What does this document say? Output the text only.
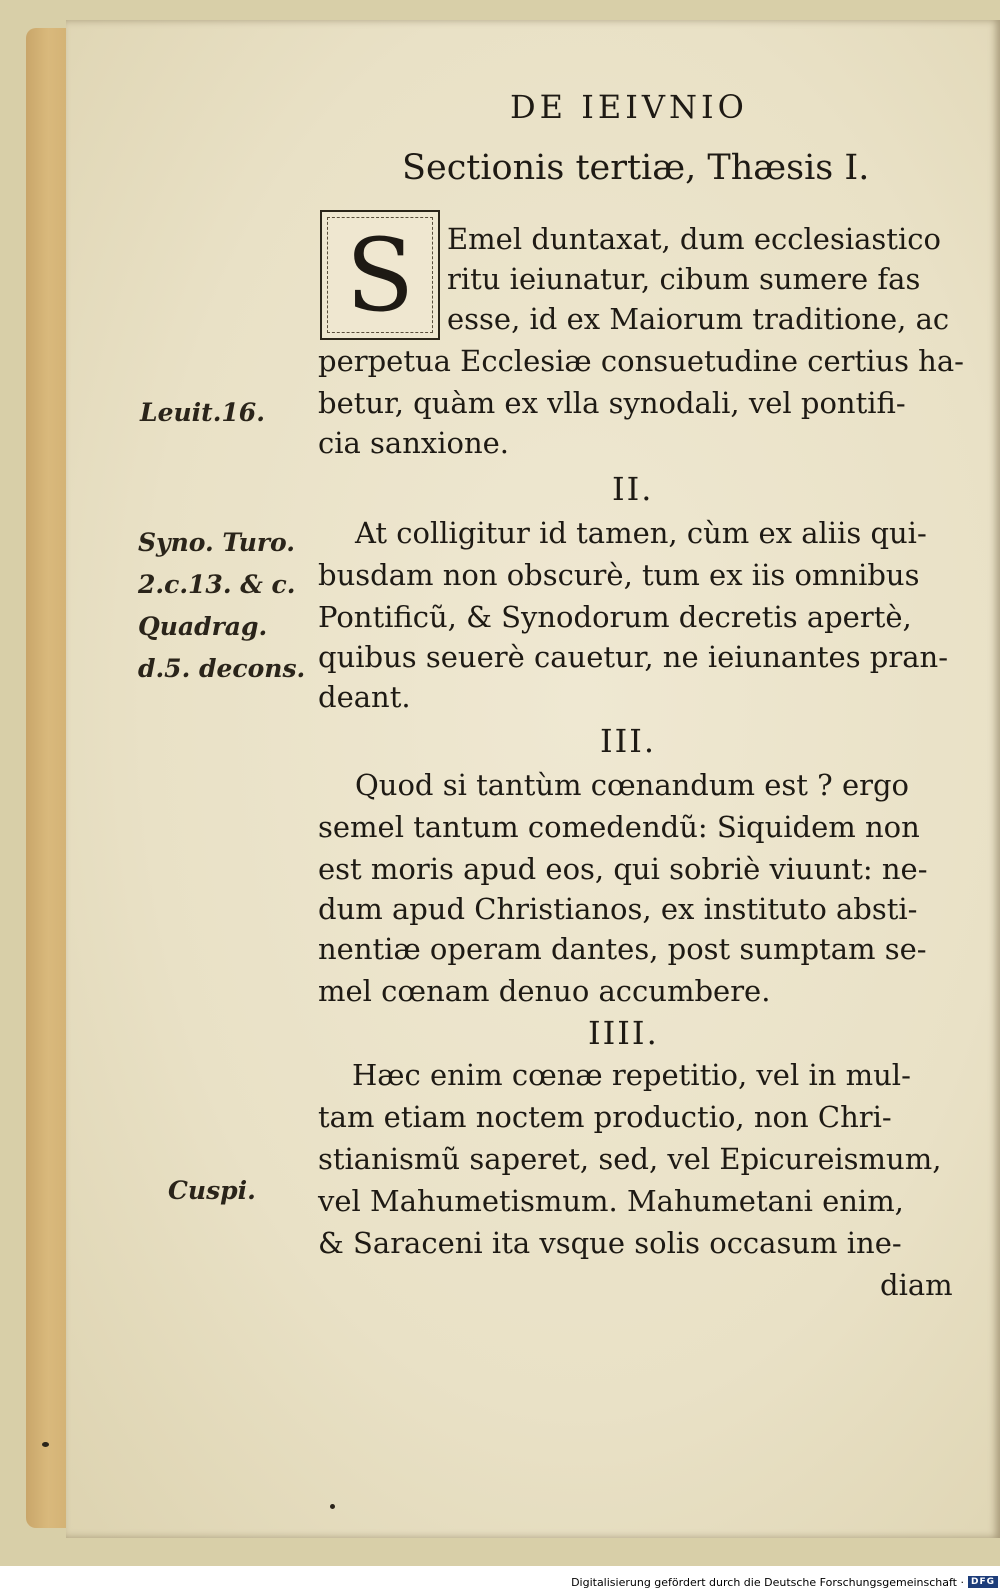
DE IEIVNIO
Sectionis tertiæ, Thæsis I.
S	Emel duntaxat, dum ecclesiastico
ritu ieiunatur, cibum sumere fas
esse, id ex Maiorum traditione, ac
perpetua Ecclesiæ consuetudine certius ha-
betur, quàm ex vlla synodali, vel pontifi-
cia sanxione.
II.
At colligitur id tamen, cùm ex aliis qui-
busdam non obscurè, tum ex iis omnibus
Pontificũ, & Synodorum decretis apertè,
quibus seuerè cauetur, ne ieiunantes pran-
deant.
III.
Quod si tantùm cœnandum est ? ergo
semel tantum comedendũ: Siquidem non
est moris apud eos, qui sobriè viuunt: ne-
dum apud Christianos, ex instituto absti-
nentiæ operam dantes, post sumptam se-
mel cœnam denuo accumbere.
IIII.
Hæc enim cœnæ repetitio, vel in mul-
tam etiam noctem productio, non Chri-
stianismũ saperet, sed, vel Epicureismum,
vel Mahumetismum. Mahumetani enim,
& Saraceni ita vsque solis occasum ine-
diam
Leuit.16.
Syno. Turo.
2.c.13. & c.
Quadrag.
d.5. decons.
Cuspi.
Digitalisierung gefördert durch die Deutsche Forschungsgemeinschaft · DFG
